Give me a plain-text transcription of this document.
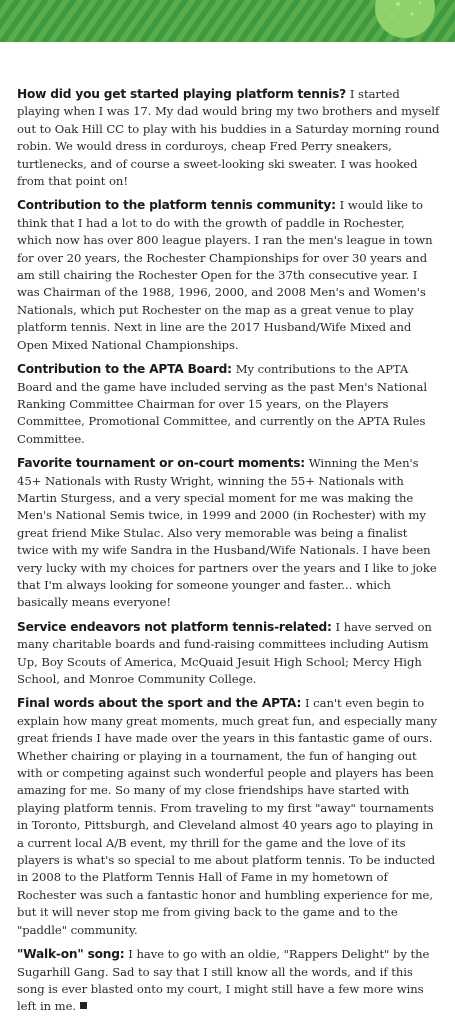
How did you get started playing platform tennis? I started playing when I was 17. My dad would bring my two brothers and myself out to Oak Hill CC to play with his buddies in a Saturday morning round robin. We would dress in corduroys, cheap Fred Perry sneakers, turtlenecks, and of course a sweet-looking ski sweater. I was hooked from that point on!

Contribution to the platform tennis community: I would like to think that I had a lot to do with the growth of paddle in Rochester, which now has over 800 league players. I ran the men's league in town for over 20 years, the Rochester Championships for over 30 years and am still chairing the Rochester Open for the 37th consecutive year. I was Chairman of the 1988, 1996, 2000, and 2008 Men's and Women's Nationals, which put Rochester on the map as a great venue to play platform tennis. Next in line are the 2017 Husband/Wife Mixed and Open Mixed National Championships.

Contribution to the APTA Board: My contributions to the APTA Board and the game have included serving as the past Men's National Ranking Committee Chairman for over 15 years, on the Players Committee, Promotional Committee, and currently on the APTA Rules Committee.

Favorite tournament or on-court moments: Winning the Men's 45+ Nationals with Rusty Wright, winning the 55+ Nationals with Martin Sturgess, and a very special moment for me was making the Men's National Semis twice, in 1999 and 2000 (in Rochester) with my great friend Mike Stulac. Also very memorable was being a finalist twice with my wife Sandra in the Husband/Wife Nationals. I have been very lucky with my choices for partners over the years and I like to joke that I'm always looking for someone younger and faster... which basically means everyone!

Service endeavors not platform tennis-related: I have served on many charitable boards and fund-raising committees including Autism Up, Boy Scouts of America, McQuaid Jesuit High School; Mercy High School, and Monroe Community College.

Final words about the sport and the APTA: I can't even begin to explain how many great moments, much great fun, and especially many great friends I have made over the years in this fantastic game of ours. Whether chairing or playing in a tournament, the fun of hanging out with or competing against such wonderful people and players has been amazing for me. So many of my close friendships have started with playing platform tennis. From traveling to my first "away" tournaments in Toronto, Pittsburgh, and Cleveland almost 40 years ago to playing in a current local A/B event, my thrill for the game and the love of its players is what's so special to me about platform tennis. To be inducted in 2008 to the Platform Tennis Hall of Fame in my hometown of Rochester was such a fantastic honor and humbling experience for me, but it will never stop me from giving back to the game and to the "paddle" community.

"Walk-on" song: I have to go with an oldie, "Rappers Delight" by the Sugarhill Gang. Sad to say that I still know all the words, and if this song is ever blasted onto my court, I might still have a few more wins left in me.
